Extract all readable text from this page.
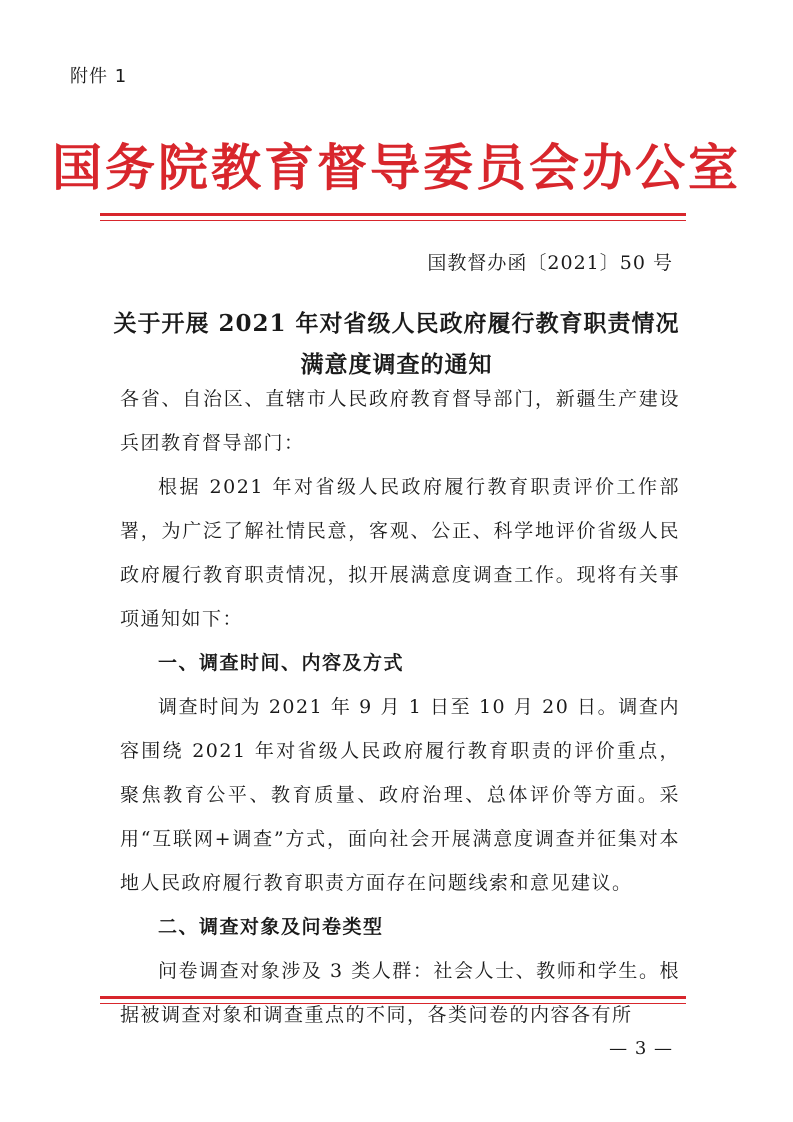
附件 1
国务院教育督导委员会办公室
国教督办函〔2021〕50 号
关于开展 2021 年对省级人民政府履行教育职责情况
满意度调查的通知

各省、自治区、直辖市人民政府教育督导部门，新疆生产建设兵团教育督导部门：

根据 2021 年对省级人民政府履行教育职责评价工作部署，为广泛了解社情民意，客观、公正、科学地评价省级人民政府履行教育职责情况，拟开展满意度调查工作。现将有关事项通知如下：

一、调查时间、内容及方式

调查时间为 2021 年 9 月 1 日至 10 月 20 日。调查内容围绕 2021 年对省级人民政府履行教育职责的评价重点，聚焦教育公平、教育质量、政府治理、总体评价等方面。采用“互联网+调查”方式，面向社会开展满意度调查并征集对本地人民政府履行教育职责方面存在问题线索和意见建议。

二、调查对象及问卷类型

问卷调查对象涉及 3 类人群：社会人士、教师和学生。根据被调查对象和调查重点的不同，各类问卷的内容各有所

— 3 —
